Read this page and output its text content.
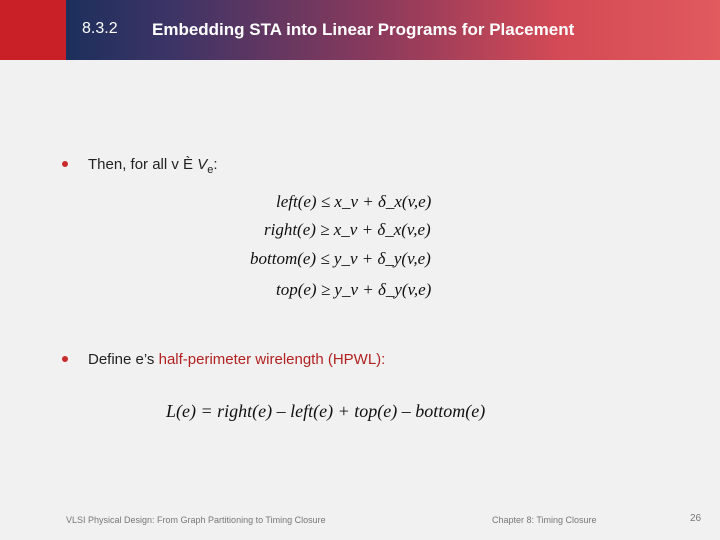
8.3.2 Embedding STA into Linear Programs for Placement
Then, for all v Ѐ $V_e$:
left(e) ≤ x_v + δ_x(v,e)
right(e) ≥ x_v + δ_x(v,e)
bottom(e) ≤ y_v + δ_y(v,e)
top(e) ≥ y_v + δ_y(v,e)
Define e’s half-perimeter wirelength (HPWL):
L(e) = right(e) – left(e) + top(e) – bottom(e)
VLSI Physical Design: From Graph Partitioning to Timing Closure	Chapter 8: Timing Closure	26
